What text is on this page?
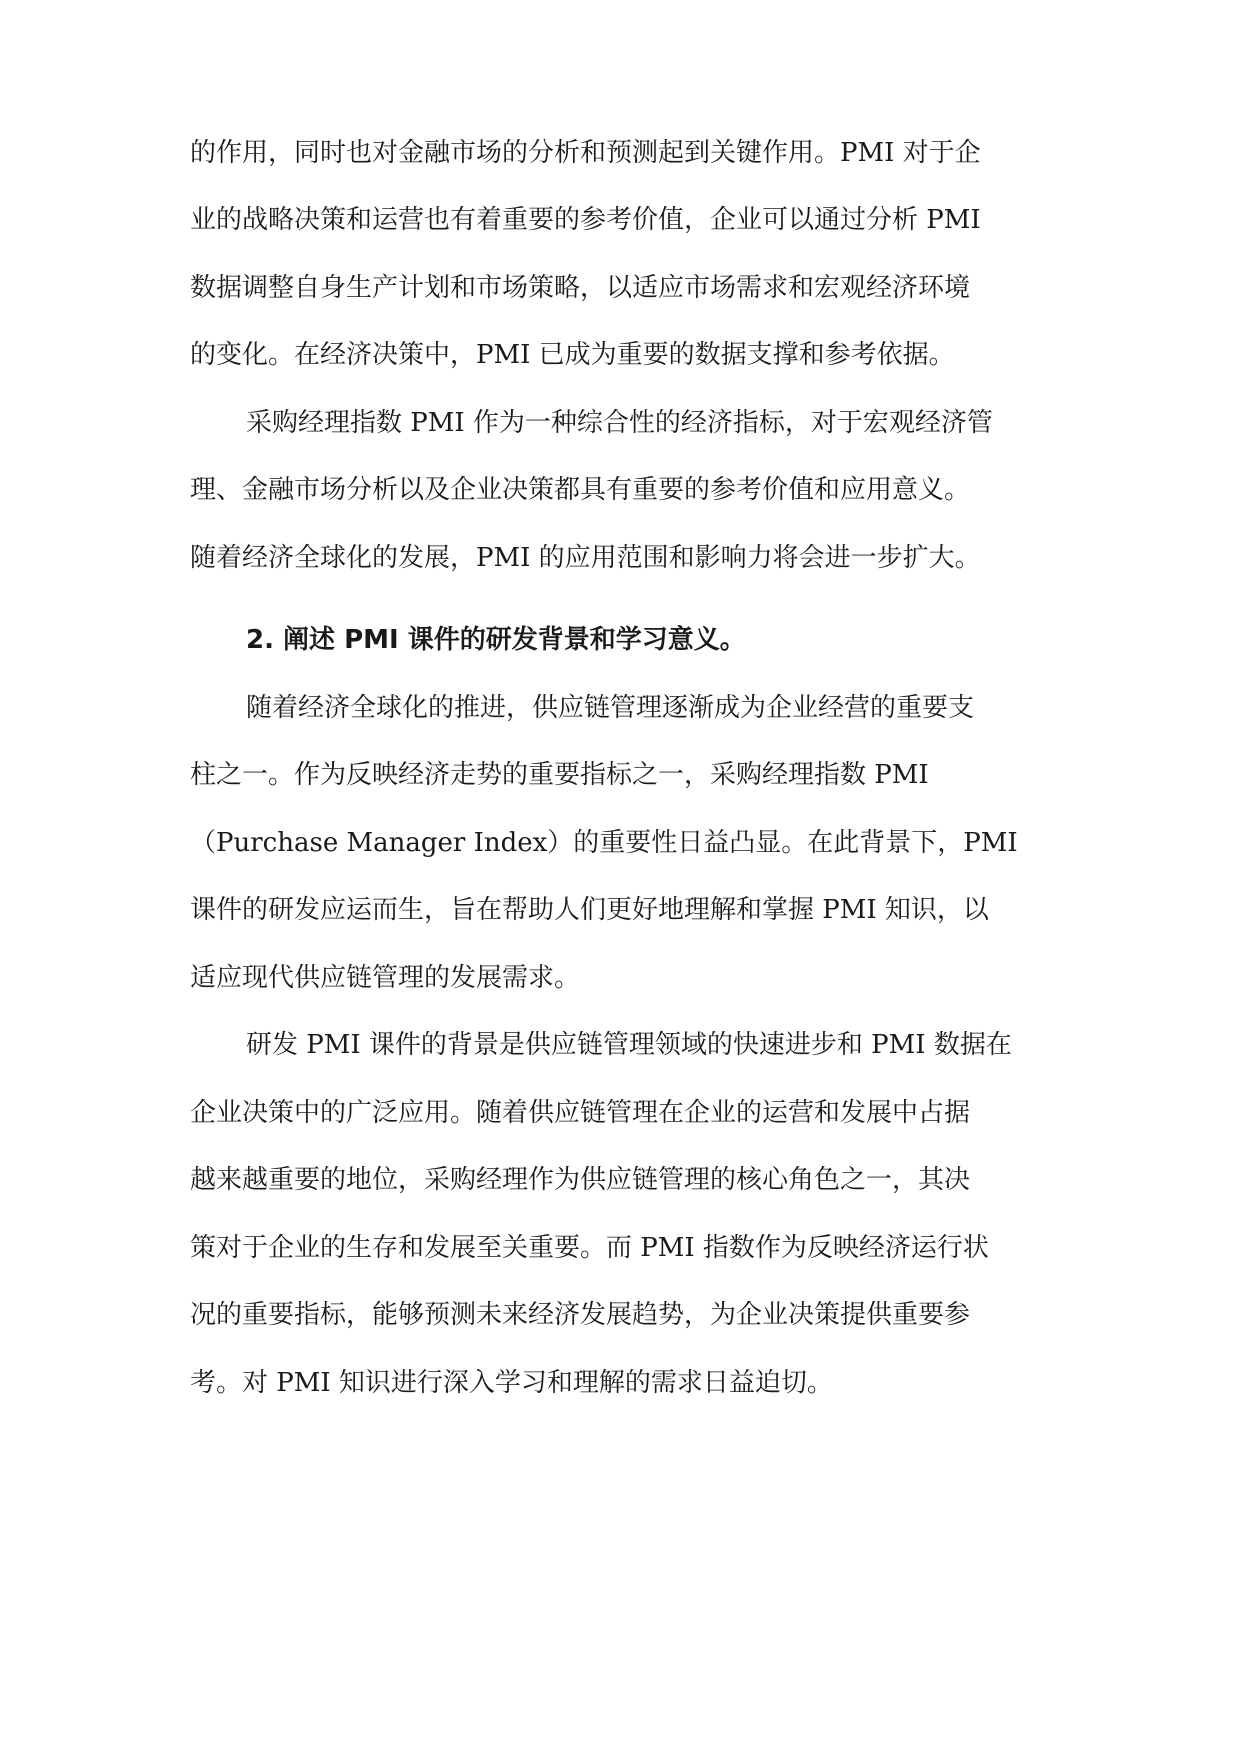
的作用，同时也对金融市场的分析和预测起到关键作用。PMI 对于企
业的战略决策和运营也有着重要的参考价值，企业可以通过分析 PMI
数据调整自身生产计划和市场策略，以适应市场需求和宏观经济环境
的变化。在经济决策中，PMI 已成为重要的数据支撑和参考依据。
采购经理指数 PMI 作为一种综合性的经济指标，对于宏观经济管
理、金融市场分析以及企业决策都具有重要的参考价值和应用意义。
随着经济全球化的发展，PMI 的应用范围和影响力将会进一步扩大。
2. 阐述 PMI 课件的研发背景和学习意义。
随着经济全球化的推进，供应链管理逐渐成为企业经营的重要支
柱之一。作为反映经济走势的重要指标之一，采购经理指数 PMI
（Purchase Manager Index）的重要性日益凸显。在此背景下，PMI
课件的研发应运而生，旨在帮助人们更好地理解和掌握 PMI 知识，以
适应现代供应链管理的发展需求。
研发 PMI 课件的背景是供应链管理领域的快速进步和 PMI 数据在
企业决策中的广泛应用。随着供应链管理在企业的运营和发展中占据
越来越重要的地位，采购经理作为供应链管理的核心角色之一，其决
策对于企业的生存和发展至关重要。而 PMI 指数作为反映经济运行状
况的重要指标，能够预测未来经济发展趋势，为企业决策提供重要参
考。对 PMI 知识进行深入学习和理解的需求日益迫切。
